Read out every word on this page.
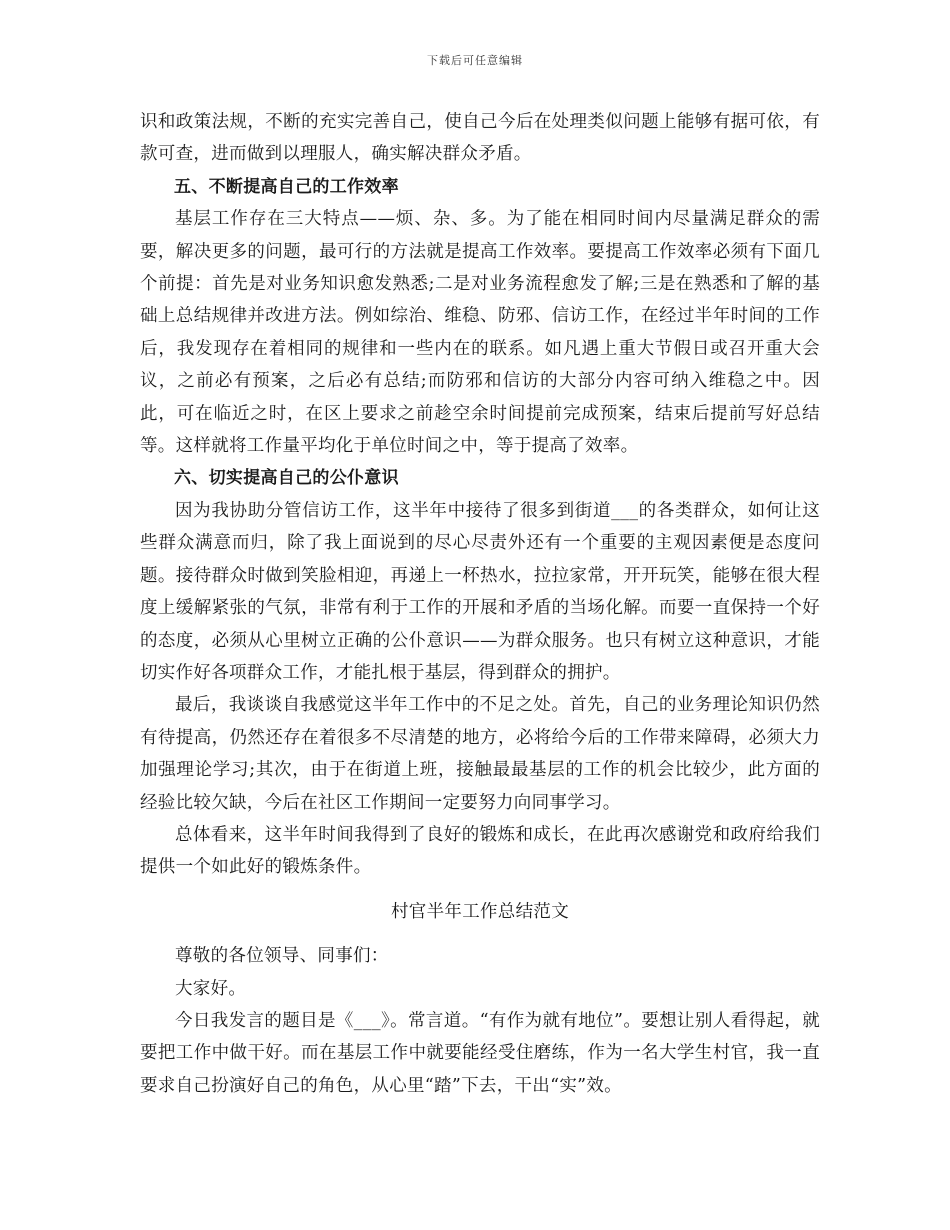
下载后可任意编辑

识和政策法规，不断的充实完善自己，使自己今后在处理类似问题上能够有据可依，有款可查，进而做到以理服人，确实解决群众矛盾。

五、不断提高自己的工作效率

基层工作存在三大特点——烦、杂、多。为了能在相同时间内尽量满足群众的需要，解决更多的问题，最可行的方法就是提高工作效率。要提高工作效率必须有下面几个前提：首先是对业务知识愈发熟悉;二是对业务流程愈发了解;三是在熟悉和了解的基础上总结规律并改进方法。例如综治、维稳、防邪、信访工作，在经过半年时间的工作后，我发现存在着相同的规律和一些内在的联系。如凡遇上重大节假日或召开重大会议，之前必有预案，之后必有总结;而防邪和信访的大部分内容可纳入维稳之中。因此，可在临近之时，在区上要求之前趁空余时间提前完成预案，结束后提前写好总结等。这样就将工作量平均化于单位时间之中，等于提高了效率。

六、切实提高自己的公仆意识

因为我协助分管信访工作，这半年中接待了很多到街道___的各类群众，如何让这些群众满意而归，除了我上面说到的尽心尽责外还有一个重要的主观因素便是态度问题。接待群众时做到笑脸相迎，再递上一杯热水，拉拉家常，开开玩笑，能够在很大程度上缓解紧张的气氛，非常有利于工作的开展和矛盾的当场化解。而要一直保持一个好的态度，必须从心里树立正确的公仆意识——为群众服务。也只有树立这种意识，才能切实作好各项群众工作，才能扎根于基层，得到群众的拥护。

最后，我谈谈自我感觉这半年工作中的不足之处。首先，自己的业务理论知识仍然有待提高，仍然还存在着很多不尽清楚的地方，必将给今后的工作带来障碍，必须大力加强理论学习;其次，由于在街道上班，接触最最基层的工作的机会比较少，此方面的经验比较欠缺，今后在社区工作期间一定要努力向同事学习。

总体看来，这半年时间我得到了良好的锻炼和成长，在此再次感谢党和政府给我们提供一个如此好的锻炼条件。

村官半年工作总结范文

尊敬的各位领导、同事们：

大家好。

今日我发言的题目是《___》。常言道。“有作为就有地位”。要想让别人看得起，就要把工作中做干好。而在基层工作中就要能经受住磨练，作为一名大学生村官，我一直要求自己扮演好自己的角色，从心里“踏”下去，干出“实”效。
